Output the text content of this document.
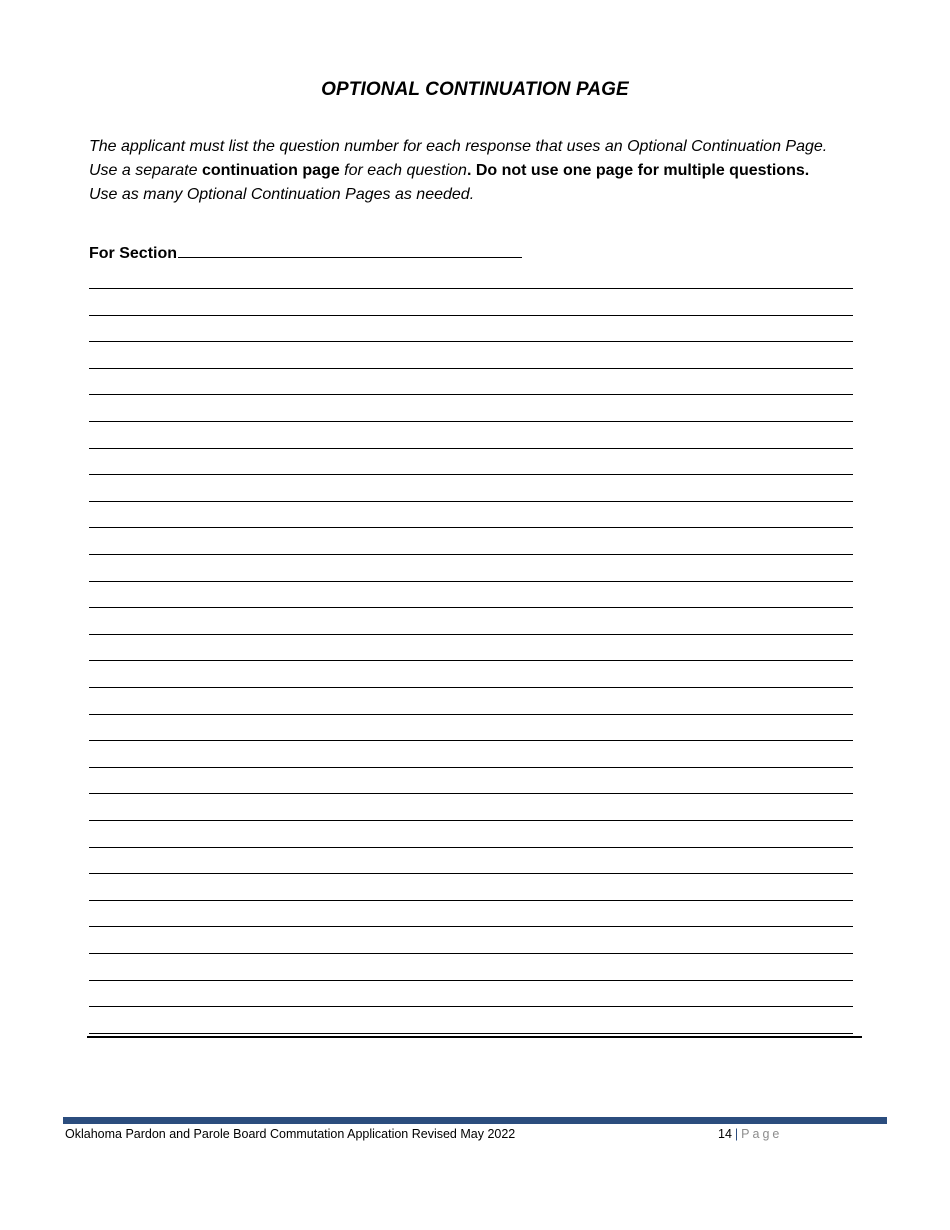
OPTIONAL CONTINUATION PAGE
The applicant must list the question number for each response that uses an Optional Continuation Page. Use a separate continuation page for each question. Do not use one page for multiple questions. Use as many Optional Continuation Pages as needed.
For Section
Oklahoma Pardon and Parole Board Commutation Application Revised May 2022	14 | Page
